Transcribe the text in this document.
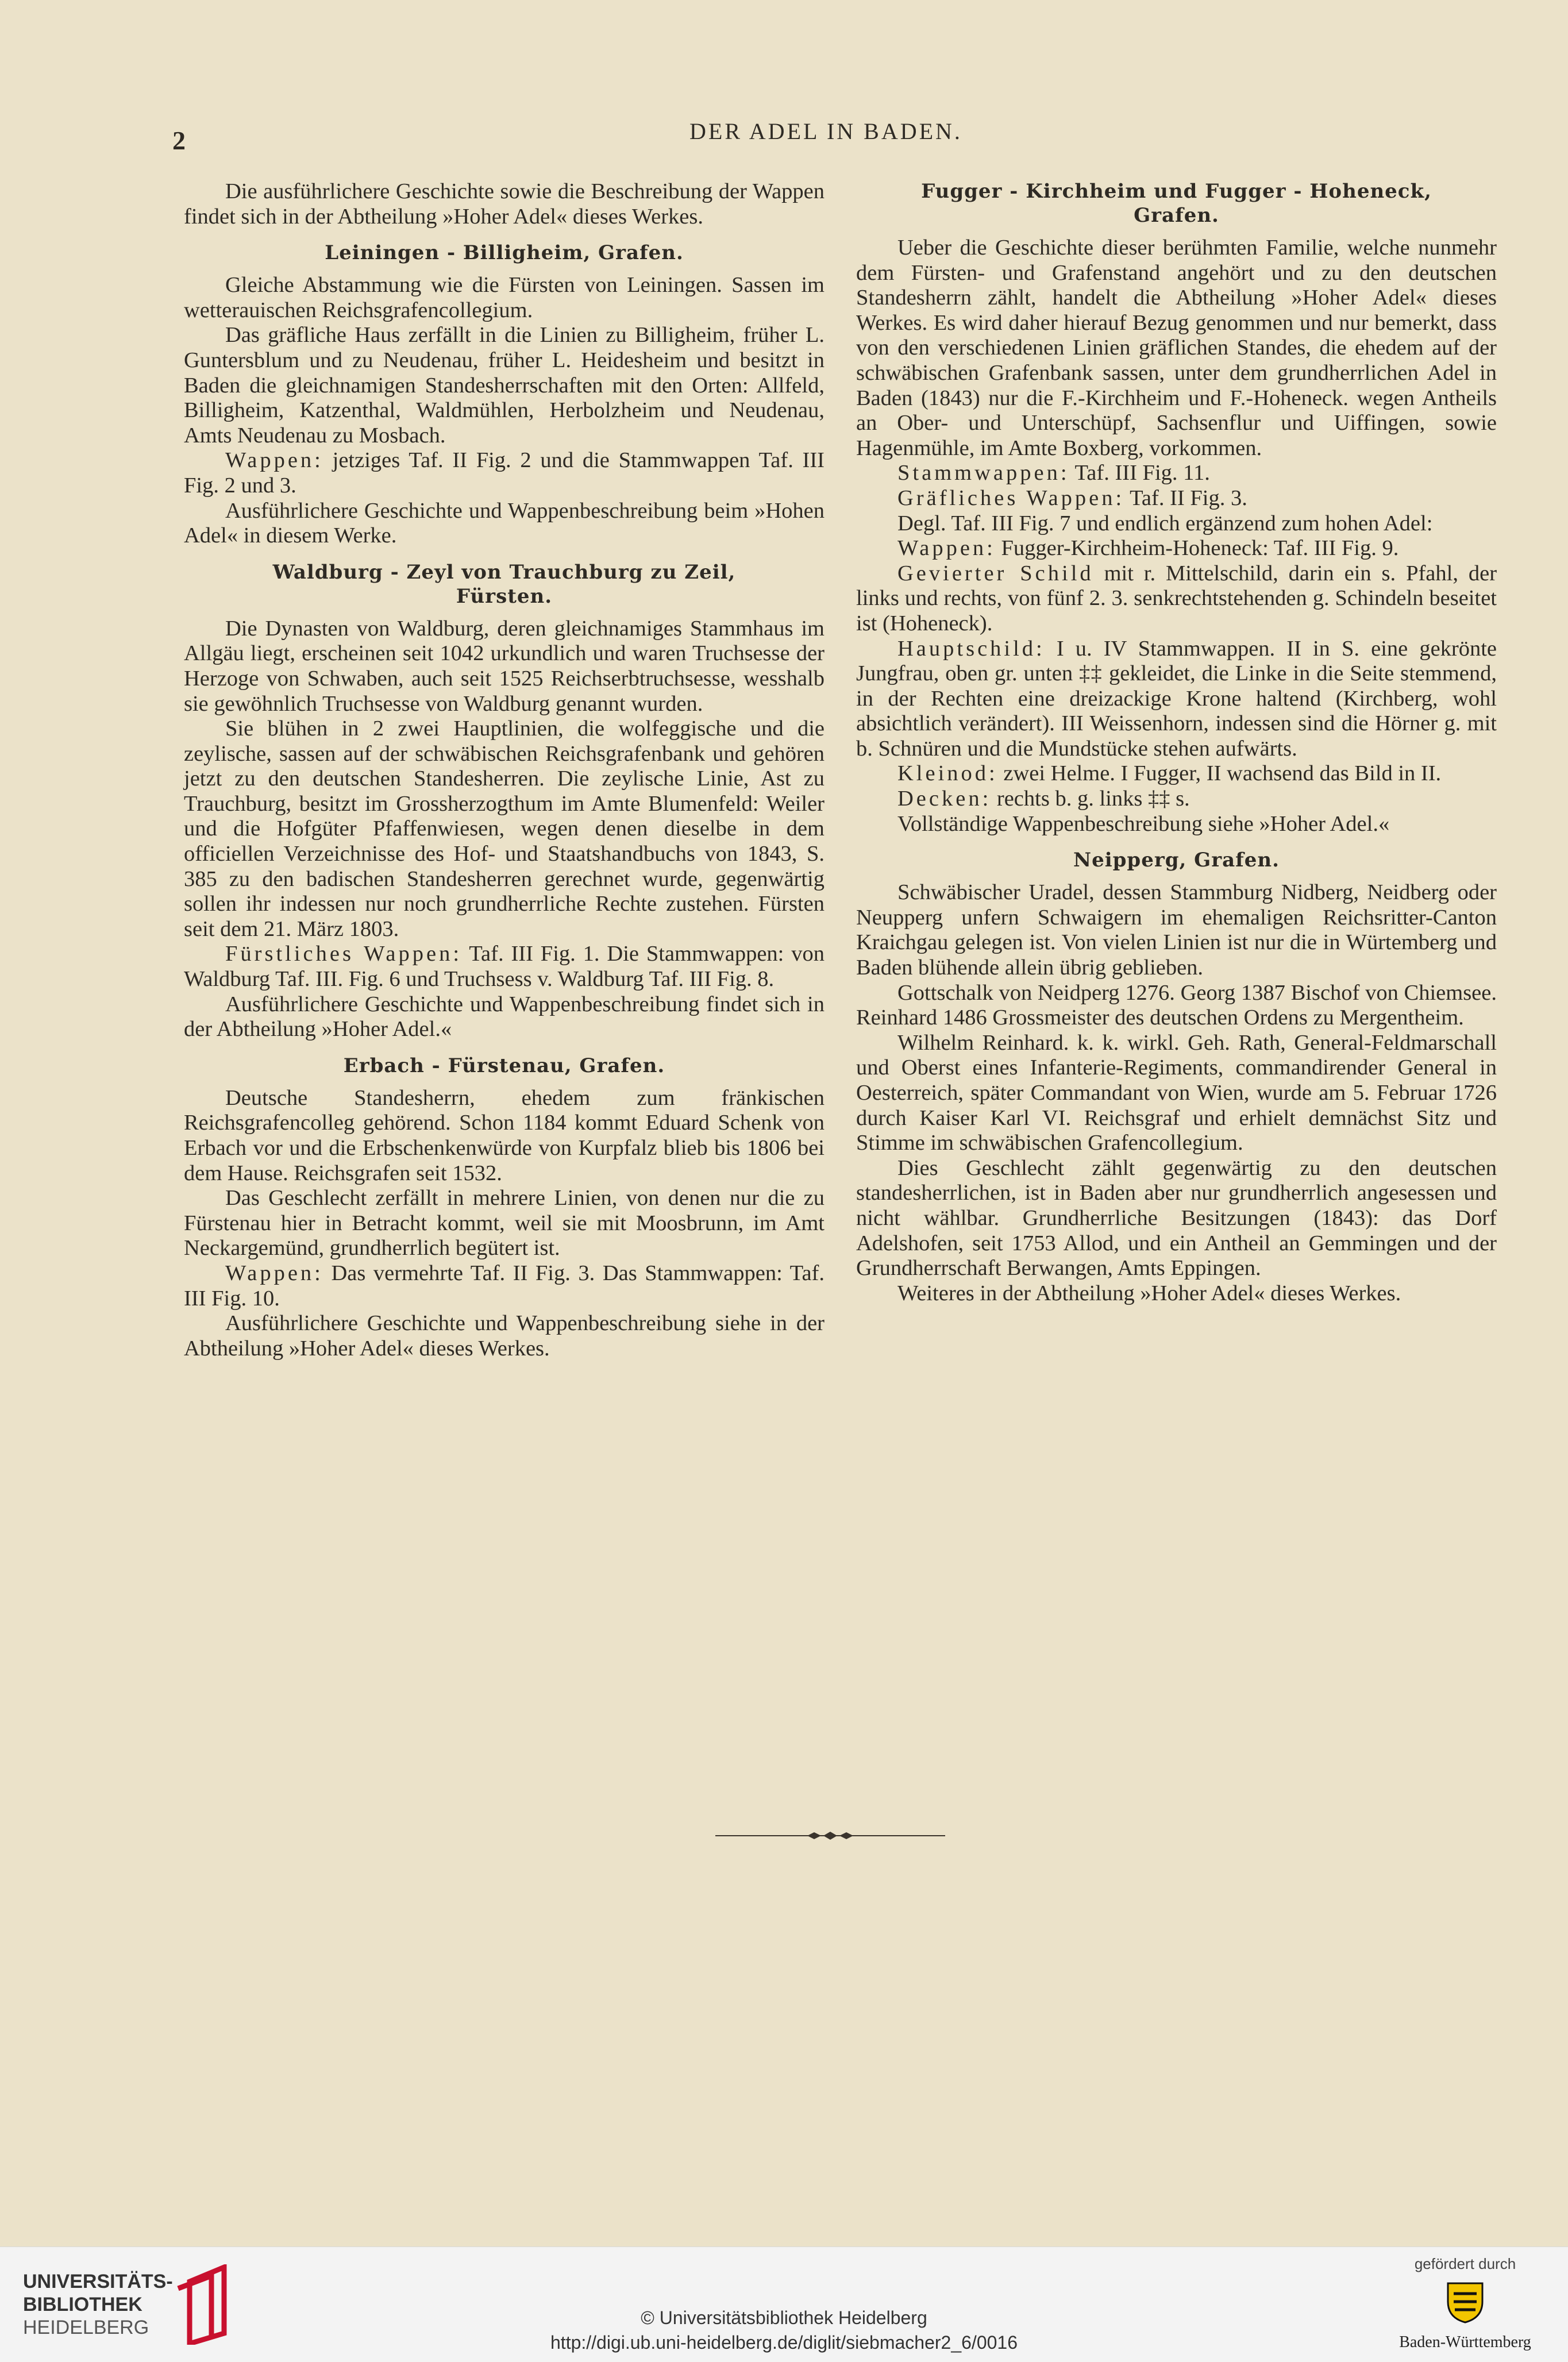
2	DER ADEL IN BADEN.

Die ausführlichere Geschichte sowie die Beschreibung der Wappen findet sich in der Abtheilung »Hoher Adel« dieses Werkes.

Leiningen - Billigheim, Grafen.

Gleiche Abstammung wie die Fürsten von Leiningen. Sassen im wetterauischen Reichsgrafencollegium.

Das gräfliche Haus zerfällt in die Linien zu Billigheim, früher L. Guntersblum und zu Neudenau, früher L. Heidesheim und besitzt in Baden die gleichnamigen Standesherrschaften mit den Orten: Allfeld, Billigheim, Katzenthal, Waldmühlen, Herbolzheim und Neudenau, Amts Neudenau zu Mosbach.

Wappen: jetziges Taf. II Fig. 2 und die Stammwappen Taf. III Fig. 2 und 3.

Ausführlichere Geschichte und Wappenbeschreibung beim »Hohen Adel« in diesem Werke.

Waldburg - Zeyl von Trauchburg zu Zeil,
Fürsten.

Die Dynasten von Waldburg, deren gleichnamiges Stammhaus im Allgäu liegt, erscheinen seit 1042 urkundlich und waren Truchsesse der Herzoge von Schwaben, auch seit 1525 Reichserbtruchsesse, wesshalb sie gewöhnlich Truchsesse von Waldburg genannt wurden.

Sie blühen in 2 zwei Hauptlinien, die wolfeggische und die zeylische, sassen auf der schwäbischen Reichsgrafenbank und gehören jetzt zu den deutschen Standesherren. Die zeylische Linie, Ast zu Trauchburg, besitzt im Grossherzogthum im Amte Blumenfeld: Weiler und die Hofgüter Pfaffenwiesen, wegen denen dieselbe in dem officiellen Verzeichnisse des Hof- und Staatshandbuchs von 1843, S. 385 zu den badischen Standesherren gerechnet wurde, gegenwärtig sollen ihr indessen nur noch grundherrliche Rechte zustehen. Fürsten seit dem 21. März 1803.

Fürstliches Wappen: Taf. III Fig. 1. Die Stammwappen: von Waldburg Taf. III. Fig. 6 und Truchsess v. Waldburg Taf. III Fig. 8.

Ausführlichere Geschichte und Wappenbeschreibung findet sich in der Abtheilung »Hoher Adel.«

Erbach - Fürstenau, Grafen.

Deutsche Standesherrn, ehedem zum fränkischen Reichsgrafencolleg gehörend. Schon 1184 kommt Eduard Schenk von Erbach vor und die Erbschenkenwürde von Kurpfalz blieb bis 1806 bei dem Hause. Reichsgrafen seit 1532.

Das Geschlecht zerfällt in mehrere Linien, von denen nur die zu Fürstenau hier in Betracht kommt, weil sie mit Moosbrunn, im Amt Neckargemünd, grundherrlich begütert ist.

Wappen: Das vermehrte Taf. II Fig. 3. Das Stammwappen: Taf. III Fig. 10.

Ausführlichere Geschichte und Wappenbeschreibung siehe in der Abtheilung »Hoher Adel« dieses Werkes.

Fugger - Kirchheim und Fugger - Hoheneck,
Grafen.

Ueber die Geschichte dieser berühmten Familie, welche nunmehr dem Fürsten- und Grafenstand angehört und zu den deutschen Standesherrn zählt, handelt die Abtheilung »Hoher Adel« dieses Werkes. Es wird daher hierauf Bezug genommen und nur bemerkt, dass von den verschiedenen Linien gräflichen Standes, die ehedem auf der schwäbischen Grafenbank sassen, unter dem grundherrlichen Adel in Baden (1843) nur die F.-Kirchheim und F.-Hoheneck. wegen Antheils an Ober- und Unterschüpf, Sachsenflur und Uiffingen, sowie Hagenmühle, im Amte Boxberg, vorkommen.

Stammwappen: Taf. III Fig. 11.

Gräfliches Wappen: Taf. II Fig. 3.

Degl. Taf. III Fig. 7 und endlich ergänzend zum hohen Adel:

Wappen: Fugger-Kirchheim-Hoheneck: Taf. III Fig. 9.

Gevierter Schild mit r. Mittelschild, darin ein s. Pfahl, der links und rechts, von fünf 2. 3. senkrechtstehenden g. Schindeln beseitet ist (Hoheneck).

Hauptschild: I u. IV Stammwappen. II in S. eine gekrönte Jungfrau, oben gr. unten ‡‡ gekleidet, die Linke in die Seite stemmend, in der Rechten eine dreizackige Krone haltend (Kirchberg, wohl absichtlich verändert). III Weissenhorn, indessen sind die Hörner g. mit b. Schnüren und die Mundstücke stehen aufwärts.

Kleinod: zwei Helme. I Fugger, II wachsend das Bild in II.

Decken: rechts b. g. links ‡‡ s.

Vollständige Wappenbeschreibung siehe »Hoher Adel.«

Neipperg, Grafen.

Schwäbischer Uradel, dessen Stammburg Nidberg, Neidberg oder Neupperg unfern Schwaigern im ehemaligen Reichsritter-Canton Kraichgau gelegen ist. Von vielen Linien ist nur die in Würtemberg und Baden blühende allein übrig geblieben.

Gottschalk von Neidperg 1276. Georg 1387 Bischof von Chiemsee. Reinhard 1486 Grossmeister des deutschen Ordens zu Mergentheim.

Wilhelm Reinhard. k. k. wirkl. Geh. Rath, General-Feldmarschall und Oberst eines Infanterie-Regiments, commandirender General in Oesterreich, später Commandant von Wien, wurde am 5. Februar 1726 durch Kaiser Karl VI. Reichsgraf und erhielt demnächst Sitz und Stimme im schwäbischen Grafencollegium.

Dies Geschlecht zählt gegenwärtig zu den deutschen standesherrlichen, ist in Baden aber nur grundherrlich angesessen und nicht wählbar. Grundherrliche Besitzungen (1843): das Dorf Adelshofen, seit 1753 Allod, und ein Antheil an Gemmingen und der Grundherrschaft Berwangen, Amts Eppingen.

Weiteres in der Abtheilung »Hoher Adel« dieses Werkes.

UNIVERSITÄTS-
BIBLIOTHEK
HEIDELBERG	© Universitätsbibliothek Heidelberg
http://digi.ub.uni-heidelberg.de/diglit/siebmacher2_6/0016
gefördert durch
Baden-Württemberg
